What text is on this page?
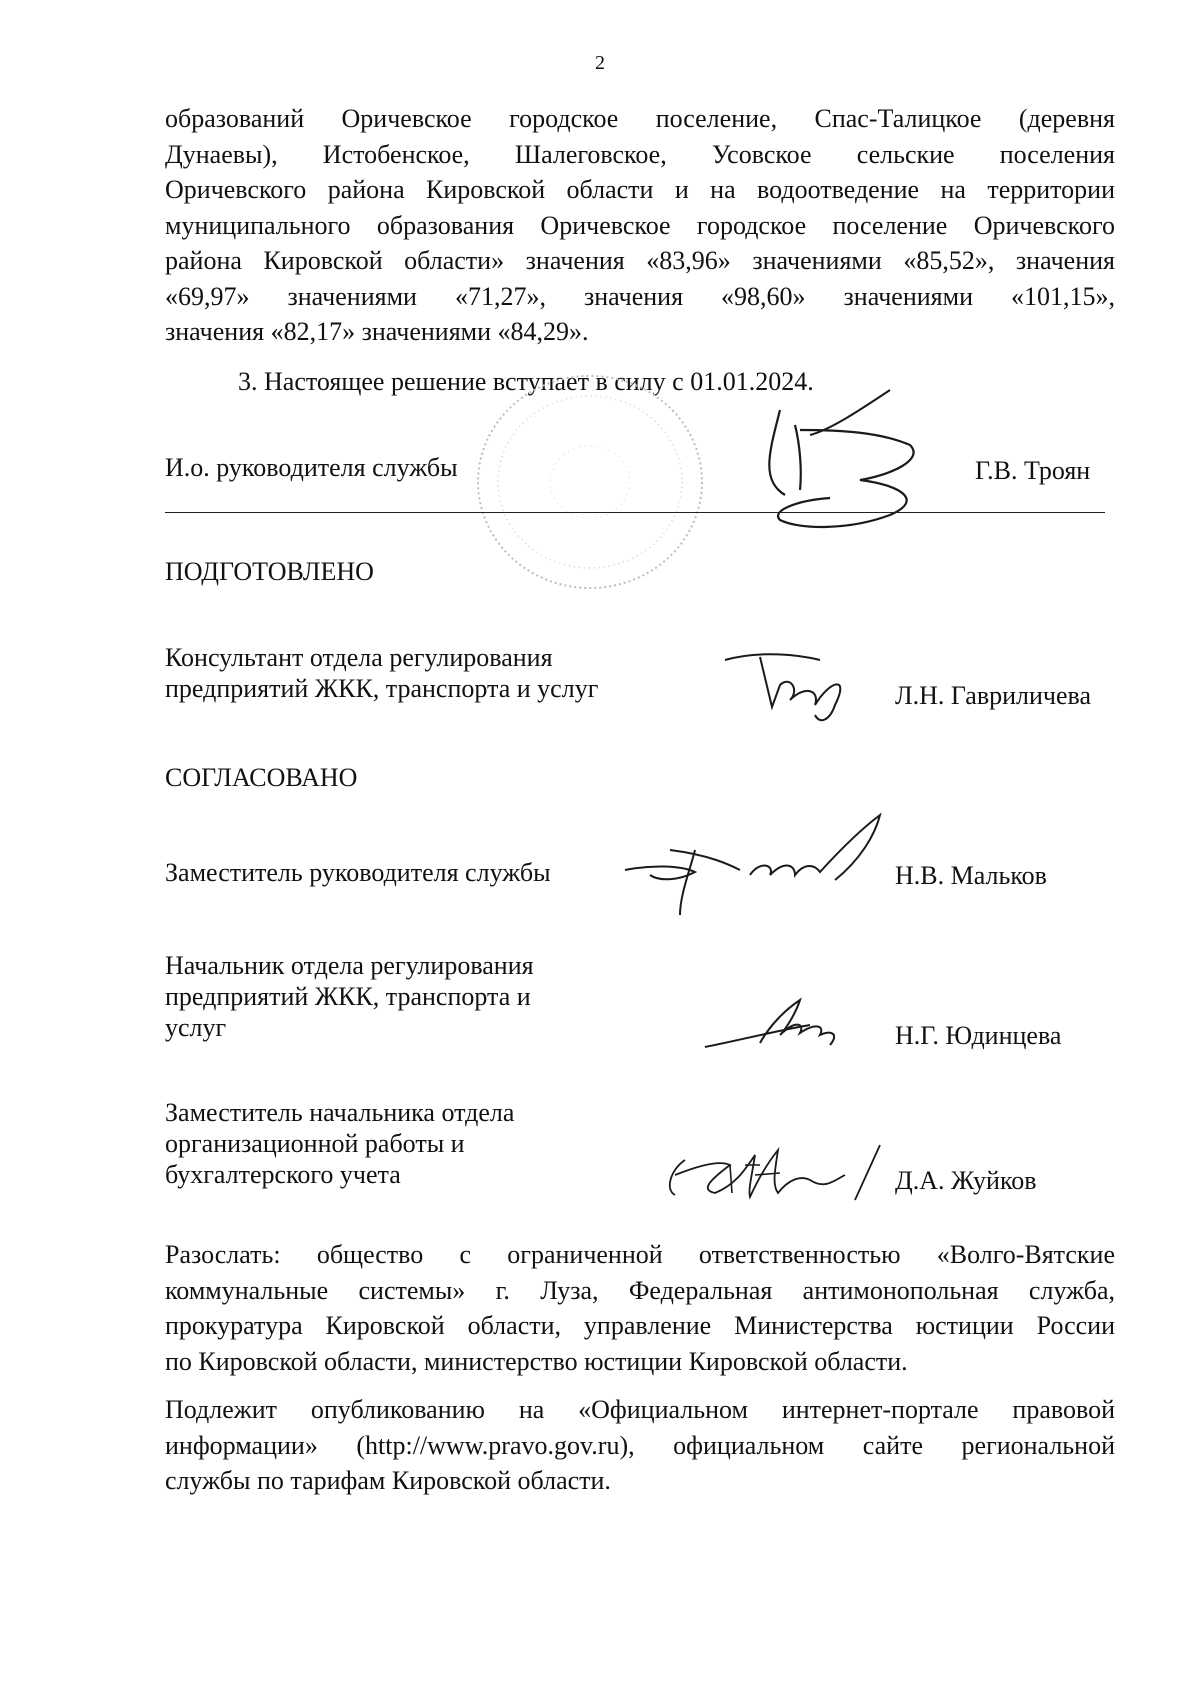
2

образований Оричевское городское поселение, Спас-Талицкое (деревня
Дунаевы), Истобенское, Шалеговское, Усовское сельские поселения
Оричевского района Кировской области и на водоотведение на территории
муниципального образования Оричевское городское поселение Оричевского
района Кировской области» значения «83,96» значениями «85,52», значения
«69,97» значениями «71,27», значения «98,60» значениями «101,15»,
значения «82,17» значениями «84,29».

3. Настоящее решение вступает в силу с 01.01.2024.
И.о. руководителя службы	Г.В. Троян
ПОДГОТОВЛЕНО
Консультант отдела регулирования
предприятий ЖКК, транспорта и услуг	Л.Н. Гавриличева
СОГЛАСОВАНО
Заместитель руководителя службы	Н.В. Мальков
Начальник отдела регулирования
предприятий ЖКК, транспорта и
услуг	Н.Г. Юдинцева
Заместитель начальника отдела
организационной работы и
бухгалтерского учета	Д.А. Жуйков

Разослать: общество с ограниченной ответственностью «Волго-Вятские
коммунальные системы» г. Луза, Федеральная антимонопольная служба,
прокуратура Кировской области, управление Министерства юстиции России
по Кировской области, министерство юстиции Кировской области.

Подлежит опубликованию на «Официальном интернет-портале правовой
информации» (http://www.pravo.gov.ru), официальном сайте региональной
службы по тарифам Кировской области.
